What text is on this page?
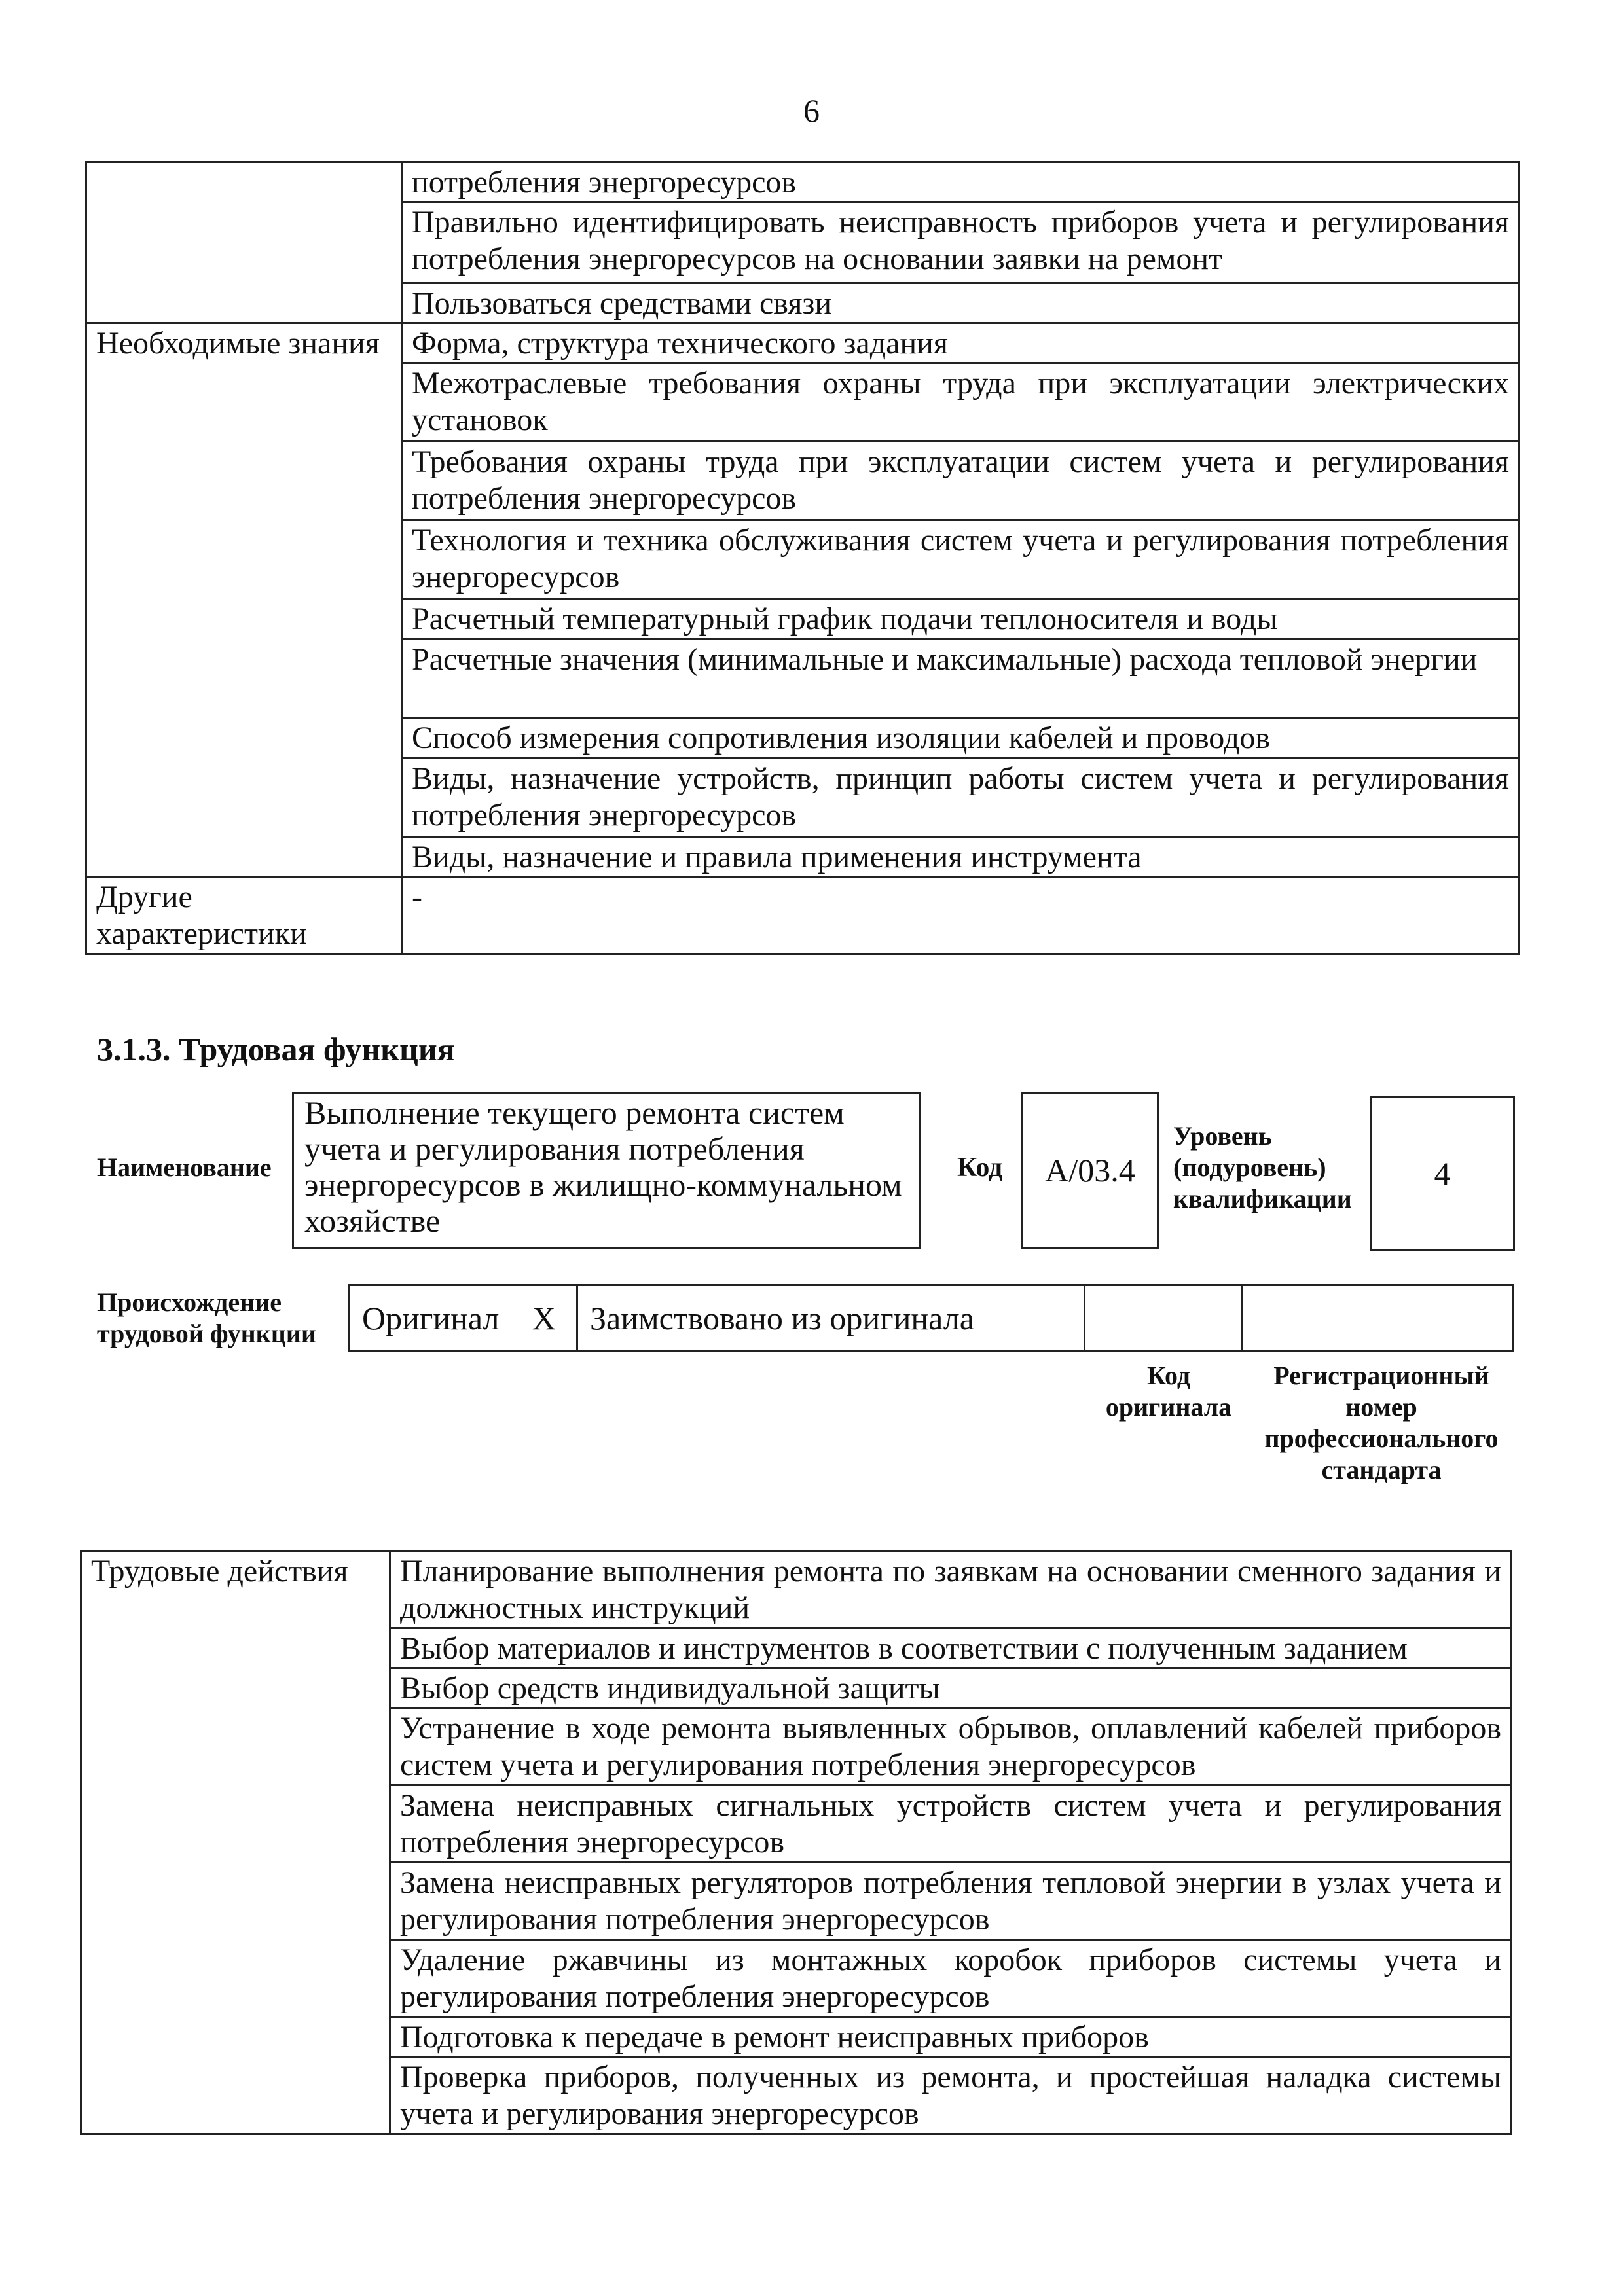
6
	потребления энергоресурсов
	Правильно идентифицировать неисправность приборов учета и регулирования потребления энергоресурсов на основании заявки на ремонт
	Пользоваться средствами связи
Необходимые знания	Форма, структура технического задания
	Межотраслевые требования охраны труда при эксплуатации электрических установок
	Требования охраны труда при эксплуатации систем учета и регулирования потребления энергоресурсов
	Технология и техника обслуживания систем учета и регулирования потребления энергоресурсов
	Расчетный температурный график подачи теплоносителя и воды
	Расчетные значения (минимальные и максимальные) расхода тепловой энергии
	Способ измерения сопротивления изоляции кабелей и проводов
	Виды, назначение устройств, принцип работы систем учета и регулирования потребления энергоресурсов
	Виды, назначение и правила применения инструмента
Другие характеристики	-
3.1.3. Трудовая функция
Наименование
Выполнение текущего ремонта систем учета и регулирования потребления энергоресурсов в жилищно-коммунальном хозяйстве
Код А/03.4
Уровень (подуровень) квалификации
4
Происхождение трудовой функции	Оригинал	Х	Заимствовано из оригинала		
Код оригинала
Регистрационный номер профессионального стандарта
Трудовые действия	Планирование выполнения ремонта по заявкам на основании сменного задания и должностных инструкций
Выбор материалов и инструментов в соответствии с полученным заданием
Выбор средств индивидуальной защиты
Устранение в ходе ремонта выявленных обрывов, оплавлений кабелей приборов систем учета и регулирования потребления энергоресурсов
Замена неисправных сигнальных устройств систем учета и регулирования потребления энергоресурсов
Замена неисправных регуляторов потребления тепловой энергии в узлах учета и регулирования потребления энергоресурсов
Удаление ржавчины из монтажных коробок приборов системы учета и регулирования потребления энергоресурсов
Подготовка к передаче в ремонт неисправных приборов
Проверка приборов, полученных из ремонта, и простейшая наладка системы учета и регулирования энергоресурсов
